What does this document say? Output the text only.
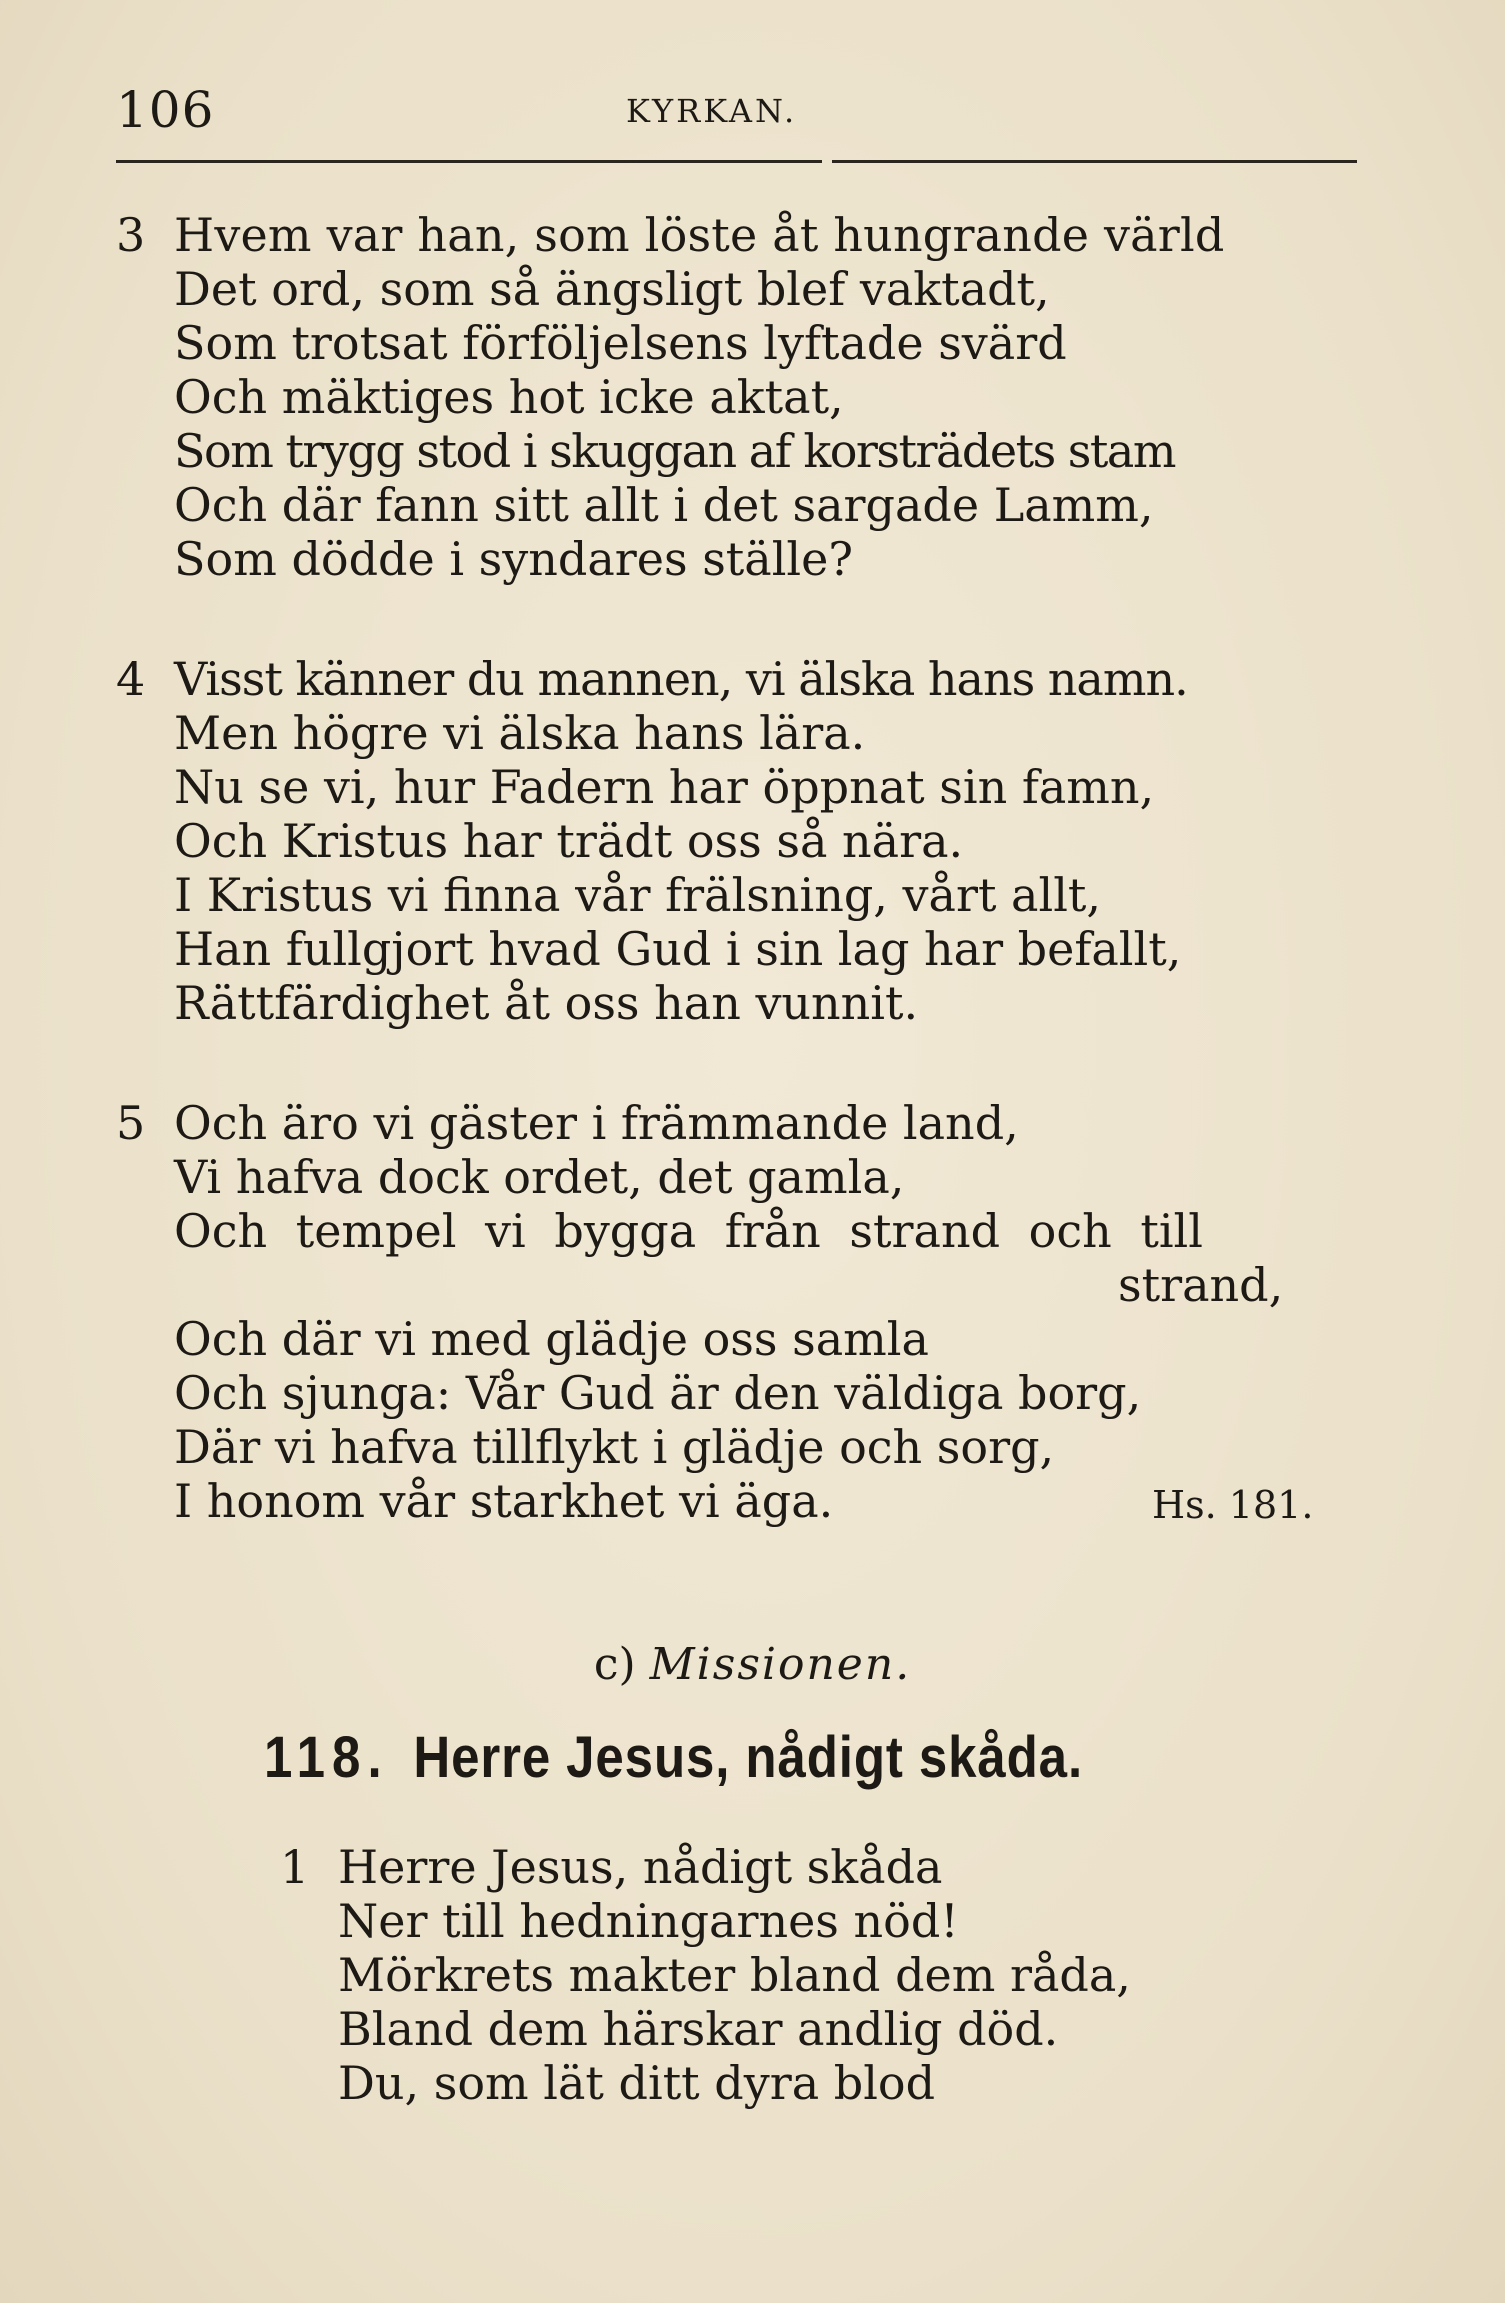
106	KYRKAN.
3 Hvem var han, som löste åt hungrande värld
Det ord, som så ängsligt blef vaktadt,
Som trotsat förföljelsens lyftade svärd
Och mäktiges hot icke aktat,
Som trygg stod i skuggan af korsträdets stam
Och där fann sitt allt i det sargade Lamm,
Som dödde i syndares ställe?
4 Visst känner du mannen, vi älska hans namn.
Men högre vi älska hans lära.
Nu se vi, hur Fadern har öppnat sin famn,
Och Kristus har trädt oss så nära.
I Kristus vi finna vår frälsning, vårt allt,
Han fullgjort hvad Gud i sin lag har befallt,
Rättfärdighet åt oss han vunnit.
5 Och äro vi gäster i främmande land,
Vi hafva dock ordet, det gamla,
Och tempel vi bygga från strand och till
strand,
Och där vi med glädje oss samla
Och sjunga: Vår Gud är den väldiga borg,
Där vi hafva tillflykt i glädje och sorg,
I honom vår starkhet vi äga.	Hs. 181.
c) Missionen.
118. Herre Jesus, nådigt skåda.
1 Herre Jesus, nådigt skåda
Ner till hedningarnes nöd!
Mörkrets makter bland dem råda,
Bland dem härskar andlig död.
Du, som lät ditt dyra blod
